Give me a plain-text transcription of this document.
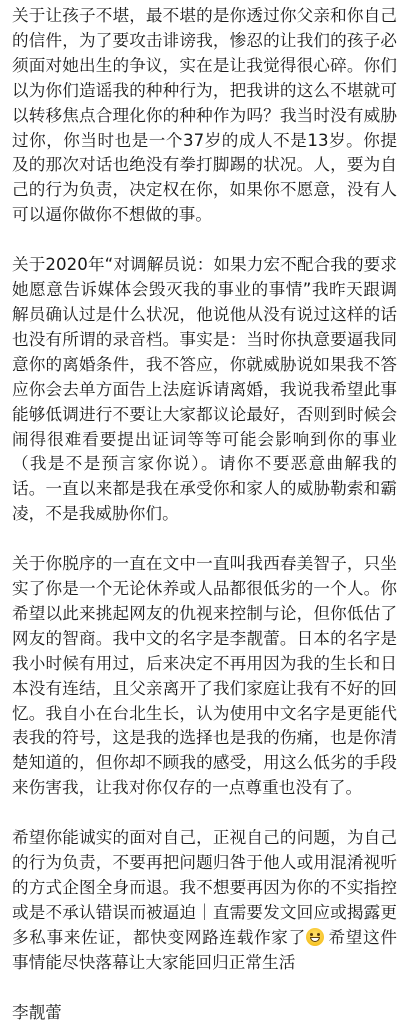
关于让孩子不堪，最不堪的是你透过你父亲和你自己的信件，为了要攻击诽谤我，惨忍的让我们的孩子必须面对她出生的争议，实在是让我觉得很心碎。你们以为你们造谣我的种种行为，把我讲的这么不堪就可以转移焦点合理化你的种种作为吗？我当时没有威胁过你，你当时也是一个37岁的成人不是13岁。你提及的那次对话也绝没有拳打脚踢的状况。人，要为自己的行为负责，决定权在你，如果你不愿意，没有人可以逼你做你不想做的事。

关于2020年“对调解员说：如果力宏不配合我的要求她愿意告诉媒体会毁灭我的事业的事情”我昨天跟调解员确认过是什么状况，他说他从没有说过这样的话也没有所谓的录音档。事实是：当时你执意要逼我同意你的离婚条件，我不答应，你就威胁说如果我不答应你会去单方面告上法庭诉请离婚，我说我希望此事能够低调进行不要让大家都议论最好，否则到时候会闹得很难看要提出证词等等可能会影响到你的事业（我是不是预言家你说）。请你不要恶意曲解我的话。一直以来都是我在承受你和家人的威胁勒索和霸凌，不是我威胁你们。

关于你脱序的一直在文中一直叫我西春美智子，只坐实了你是一个无论休养或人品都很低劣的一个人。你希望以此来挑起网友的仇视来控制与论，但你低估了网友的智商。我中文的名字是李靓蕾。日本的名字是我小时候有用过，后来决定不再用因为我的生长和日本没有连结，且父亲离开了我们家庭让我有不好的回忆。我自小在台北生长，认为使用中文名字是更能代表我的符号，这是我的选择也是我的伤痛，也是你清楚知道的，但你却不顾我的感受，用这么低劣的手段来伤害我，让我对你仅存的一点尊重也没有了。

希望你能诚实的面对自己，正视自己的问题，为自己的行为负责，不要再把问题归咎于他人或用混淆视听的方式企图全身而退。我不想要再因为你的不实指控或是不承认错误而被逼迫｜直需要发文回应或揭露更多私事来佐证，都快变网路连载作家了 希望这件事情能尽快落幕让大家能回归正常生活

李靓蕾
